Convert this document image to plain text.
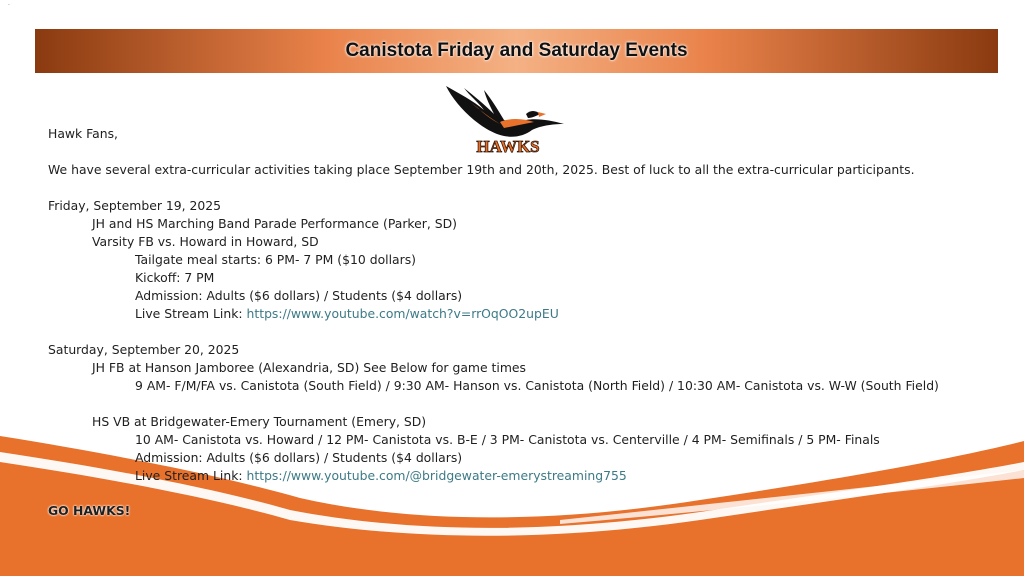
·
Canistota Friday and Saturday Events
HAWKS
Hawk Fans,
We have several extra-curricular activities taking place September 19th and 20th, 2025. Best of luck to all the extra-curricular participants.
Friday, September 19, 2025
JH and HS Marching Band Parade Performance (Parker, SD)
Varsity FB vs. Howard in Howard, SD
Tailgate meal starts: 6 PM- 7 PM ($10 dollars)
Kickoff: 7 PM
Admission: Adults ($6 dollars) / Students ($4 dollars)
Live Stream Link: https://www.youtube.com/watch?v=rrOqOO2upEU
Saturday, September 20, 2025
JH FB at Hanson Jamboree (Alexandria, SD) See Below for game times
9 AM- F/M/FA vs. Canistota (South Field) / 9:30 AM- Hanson vs. Canistota (North Field) / 10:30 AM- Canistota vs. W-W (South Field)
HS VB at Bridgewater-Emery Tournament (Emery, SD)
10 AM- Canistota vs. Howard / 12 PM- Canistota vs. B-E / 3 PM- Canistota vs. Centerville / 4 PM- Semifinals / 5 PM- Finals
Admission: Adults ($6 dollars) / Students ($4 dollars)
Live Stream Link: https://www.youtube.com/@bridgewater-emerystreaming755
GO HAWKS!
